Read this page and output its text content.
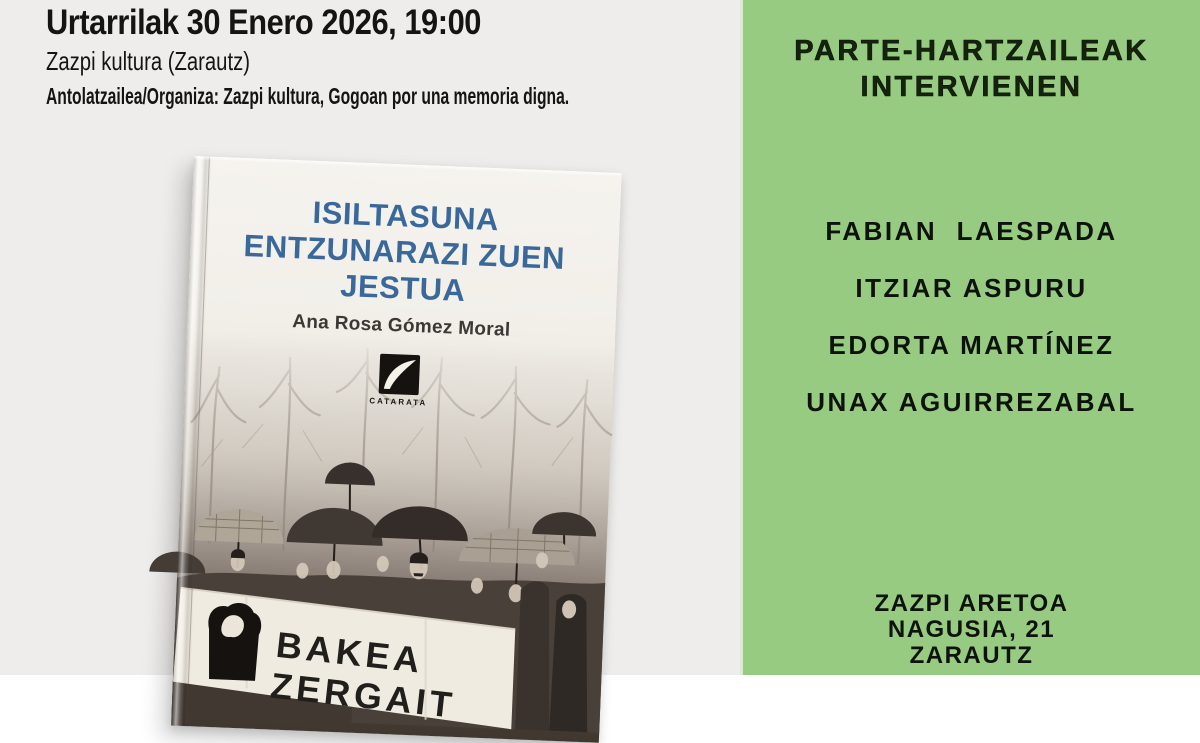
Urtarrilak 30 Enero 2026, 19:00
Zazpi kultura (Zarautz)
Antolatzailea/Organiza: Zazpi kultura, Gogoan por una memoria digna.
BAKEA
ZERGAIT
ISILTASUNA
ENTZUNARAZI ZUEN
JESTUA
Ana Rosa Gómez Moral
CATARATA
PARTE-HARTZAILEAK
INTERVIENEN
FABIAN  LAESPADA
ITZIAR ASPURU
EDORTA MARTÍNEZ
UNAX AGUIRREZABAL
ZAZPI ARETOA
NAGUSIA, 21
ZARAUTZ
